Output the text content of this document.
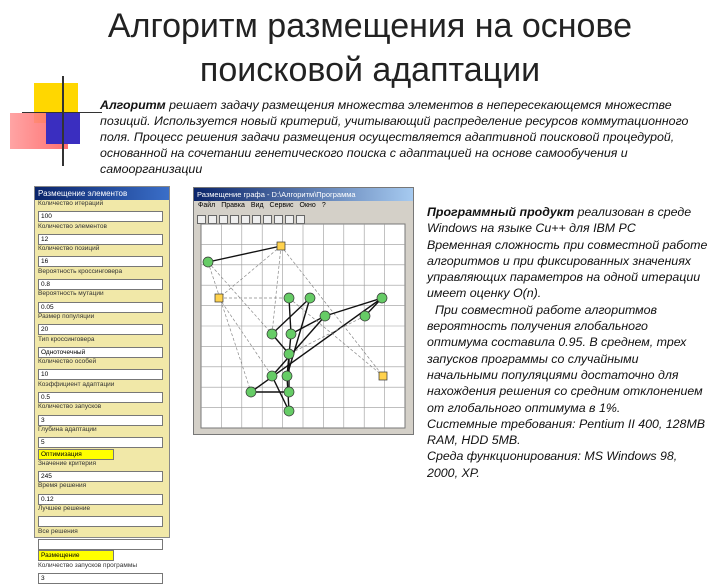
Алгоритм размещения на основе
поисковой адаптации
Алгоритм решает задачу размещения множества элементов в непересекающемся множестве позиций. Используется новый критерий, учитывающий распределение ресурсов коммутационного поля. Процесс решения задачи размещения осуществляется адаптивной поисковой процедурой, основанной на сочетании генетического поиска с адаптацией на основе самообучения и самоорганизации
Размещение элементов
Количество итераций
100
Количество элементов
12
Количество позиций
16
Вероятность кроссинговера
0.8
Вероятность мутации
0.05
Размер популяции
20
Тип кроссинговера
Одноточечный
Количество особей
10
Коэффициент адаптации
0.5
Количество запусков
3
Глубина адаптации
5
Оптимизация
Значение критерия
245
Время решения
0.12
Лучшее решение
Все решения
Размещение
Количество запусков программы
3
Размещение графа - D:\Алгоритм\Программа
Файл Правка Вид Сервис Окно ?	Программный продукт реализован в среде Windows на языке Си++ для IBM PC

Временная сложность при совместной работе алгоритмов и при фиксированных значениях управляющих параметров на одной итерации имеет оценку O(n).

При совместной работе алгоритмов вероятность получения глобального оптимума составила 0.95. В среднем, трех запусков программы со случайными начальными популяциями достаточно для нахождения решения со средним отклонением от глобального оптимума в 1%.

Системные требования: Pentium II 400, 128MB RAM, HDD 5MB.

Среда функционирования: MS Windows 98, 2000, XP.
